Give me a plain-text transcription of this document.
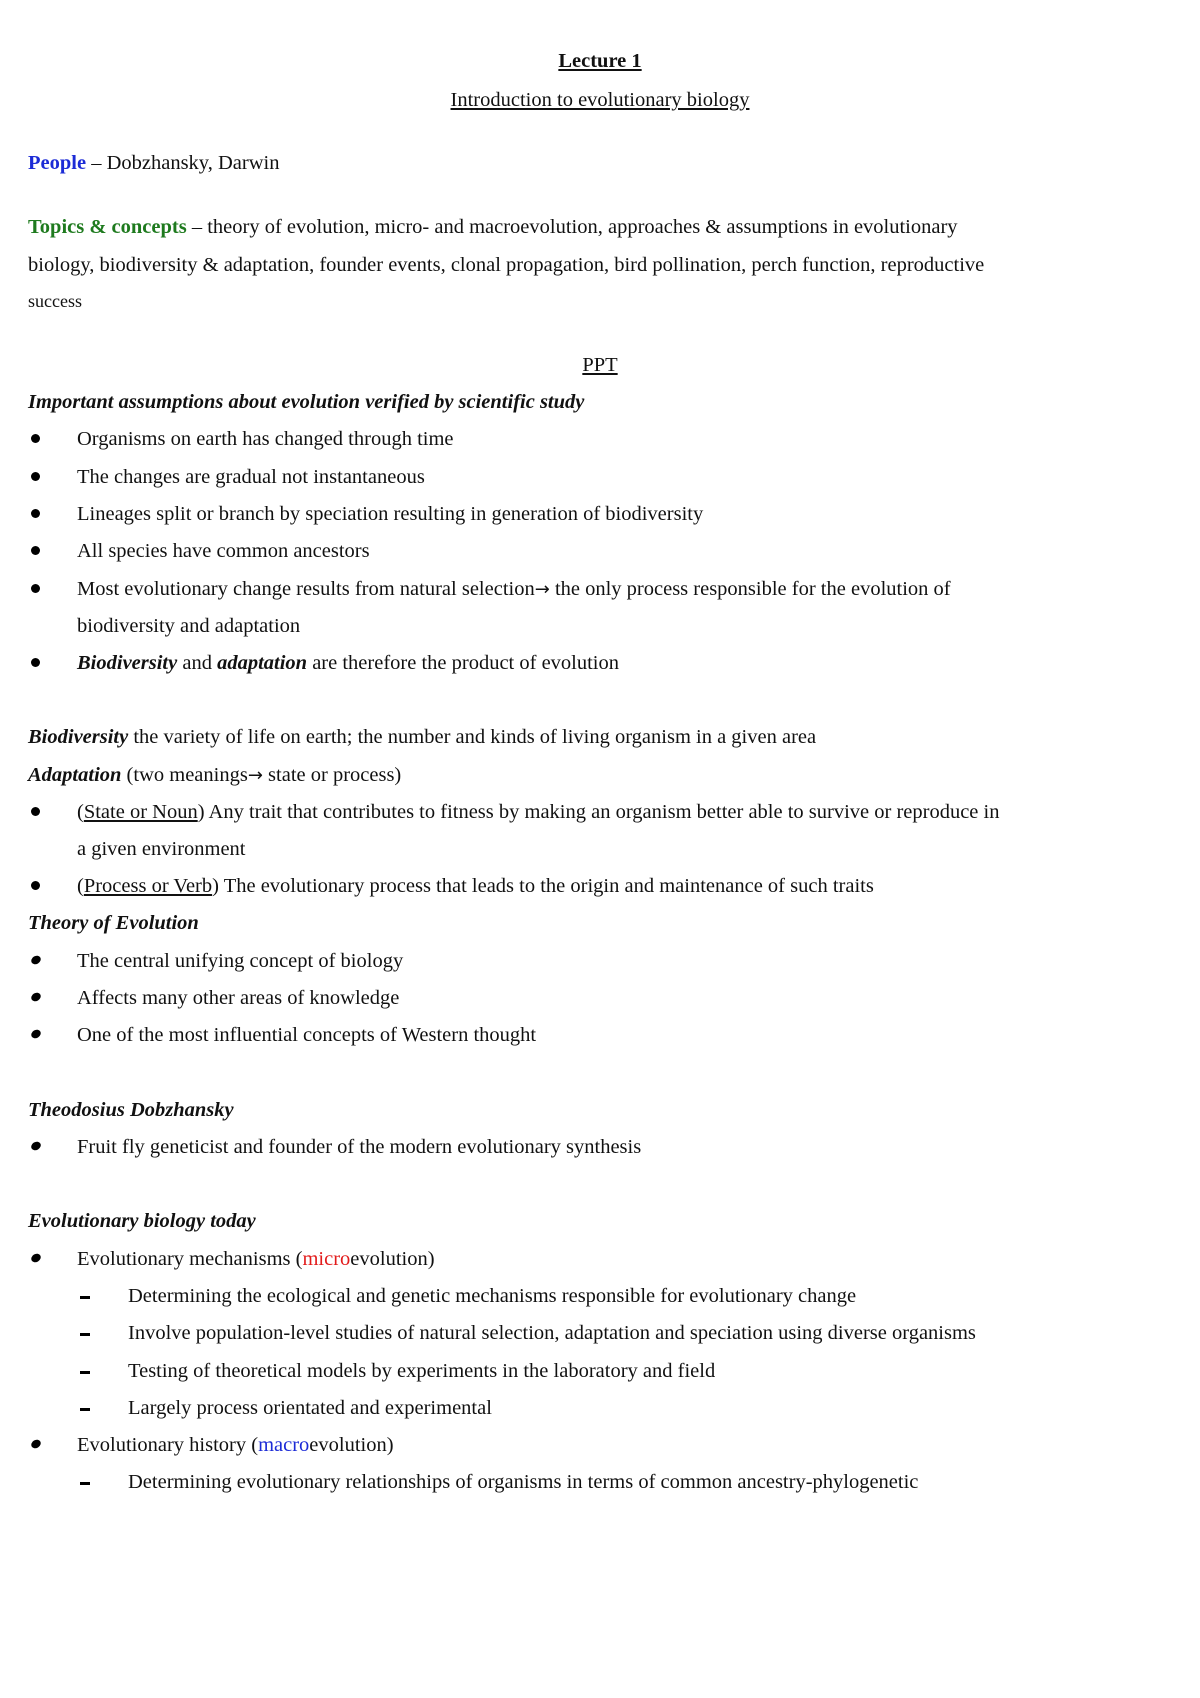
Lecture 1
Introduction to evolutionary biology
People – Dobzhansky, Darwin
Topics & concepts – theory of evolution, micro- and macroevolution, approaches & assumptions in evolutionary
biology, biodiversity & adaptation, founder events, clonal propagation, bird pollination, perch function, reproductive
success
PPT
Important assumptions about evolution verified by scientific study
Organisms on earth has changed through time
The changes are gradual not instantaneous
Lineages split or branch by speciation resulting in generation of biodiversity
All species have common ancestors
Most evolutionary change results from natural selection→ the only process responsible for the evolution of
biodiversity and adaptation
Biodiversity and adaptation are therefore the product of evolution
Biodiversity the variety of life on earth; the number and kinds of living organism in a given area
Adaptation (two meanings→ state or process)
(State or Noun) Any trait that contributes to fitness by making an organism better able to survive or reproduce in
a given environment
(Process or Verb) The evolutionary process that leads to the origin and maintenance of such traits
Theory of Evolution
The central unifying concept of biology
Affects many other areas of knowledge
One of the most influential concepts of Western thought
Theodosius Dobzhansky
Fruit fly geneticist and founder of the modern evolutionary synthesis
Evolutionary biology today
Evolutionary mechanisms (microevolution)
Determining the ecological and genetic mechanisms responsible for evolutionary change
Involve population-level studies of natural selection, adaptation and speciation using diverse organisms
Testing of theoretical models by experiments in the laboratory and field
Largely process orientated and experimental
Evolutionary history (macroevolution)
Determining evolutionary relationships of organisms in terms of common ancestry-phylogenetic
